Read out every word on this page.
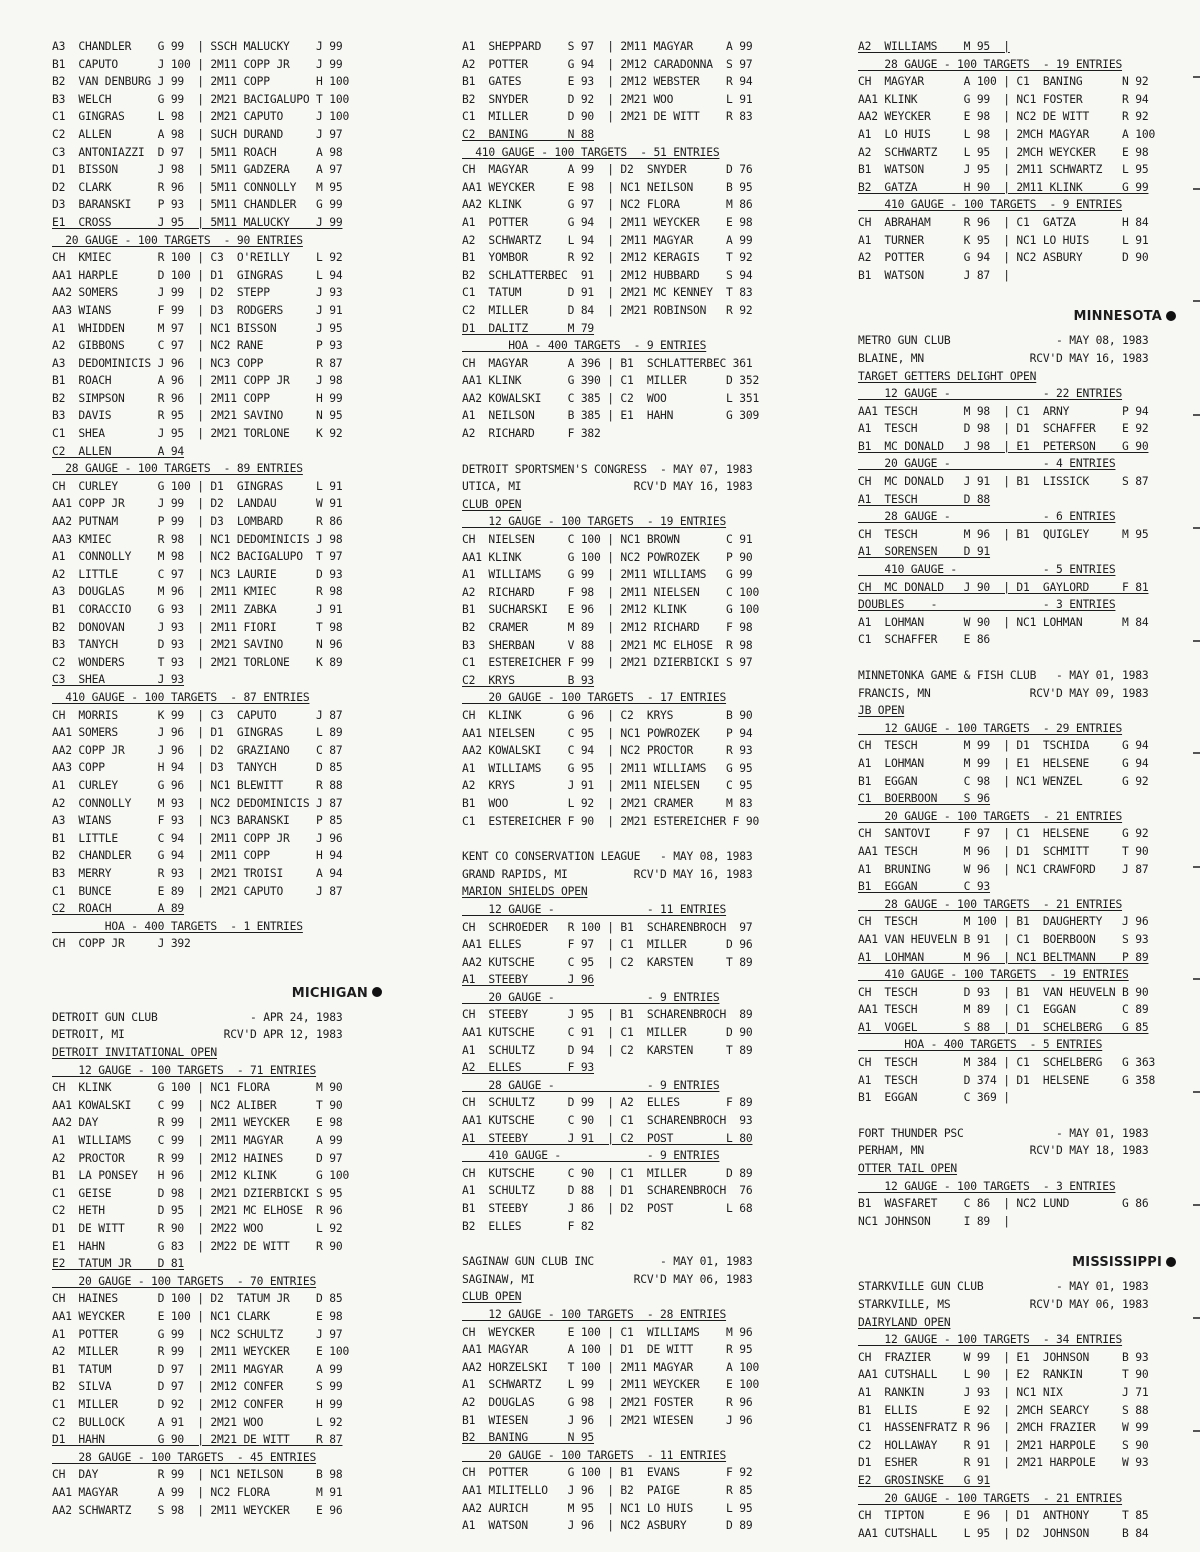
A3  CHANDLER    G 99  | SSCH MALUCKY    J 99
B1  CAPUTO      J 100 | 2M11 COPP JR    J 99
B2  VAN DENBURG J 99  | 2M11 COPP       H 100
B3  WELCH       G 99  | 2M21 BACIGALUPO T 100
C1  GINGRAS     L 98  | 2M21 CAPUTO     J 100
C2  ALLEN       A 98  | SUCH DURAND     J 97
C3  ANTONIAZZI  D 97  | 5M11 ROACH      A 98
D1  BISSON      J 98  | 5M11 GADZERA    A 97
D2  CLARK       R 96  | 5M11 CONNOLLY   M 95
D3  BARANSKI    P 93  | 5M11 CHANDLER   G 99
E1  CROSS       J 95  | 5M11 MALUCKY    J 99
20 GAUGE - 100 TARGETS  - 90 ENTRIES
CH  KMIEC       R 100 | C3  O'REILLY    L 92
AA1 HARPLE      D 100 | D1  GINGRAS     L 94
AA2 SOMERS      J 99  | D2  STEPP       J 93
AA3 WIANS       F 99  | D3  RODGERS     J 91
A1  WHIDDEN     M 97  | NC1 BISSON      J 95
A2  GIBBONS     C 97  | NC2 RANE        P 93
A3  DEDOMINICIS J 96  | NC3 COPP        R 87
B1  ROACH       A 96  | 2M11 COPP JR    J 98
B2  SIMPSON     R 96  | 2M11 COPP       H 99
B3  DAVIS       R 95  | 2M21 SAVINO     N 95
C1  SHEA        J 95  | 2M21 TORLONE    K 92
C2  ALLEN       A 94
28 GAUGE - 100 TARGETS  - 89 ENTRIES
CH  CURLEY      G 100 | D1  GINGRAS     L 91
AA1 COPP JR     J 99  | D2  LANDAU      W 91
AA2 PUTNAM      P 99  | D3  LOMBARD     R 86
AA3 KMIEC       R 98  | NC1 DEDOMINICIS J 98
A1  CONNOLLY    M 98  | NC2 BACIGALUPO  T 97
A2  LITTLE      C 97  | NC3 LAURIE      D 93
A3  DOUGLAS     M 96  | 2M11 KMIEC      R 98
B1  CORACCIO    G 93  | 2M11 ZABKA      J 91
B2  DONOVAN     J 93  | 2M11 FIORI      T 98
B3  TANYCH      D 93  | 2M21 SAVINO     N 96
C2  WONDERS     T 93  | 2M21 TORLONE    K 89
C3  SHEA        J 93
410 GAUGE - 100 TARGETS  - 87 ENTRIES
CH  MORRIS      K 99  | C3  CAPUTO      J 87
AA1 SOMERS      J 96  | D1  GINGRAS     L 89
AA2 COPP JR     J 96  | D2  GRAZIANO    C 87
AA3 COPP        H 94  | D3  TANYCH      D 85
A1  CURLEY      G 96  | NC1 BLEWITT     R 88
A2  CONNOLLY    M 93  | NC2 DEDOMINICIS J 87
A3  WIANS       F 93  | NC3 BARANSKI    P 85
B1  LITTLE      C 94  | 2M11 COPP JR    J 96
B2  CHANDLER    G 94  | 2M11 COPP       H 94
B3  MERRY       R 93  | 2M21 TROISI     A 94
C1  BUNCE       E 89  | 2M21 CAPUTO     J 87
C2  ROACH       A 89
HOA - 400 TARGETS  - 1 ENTRIES
CH  COPP JR     J 392
MICHIGAN
DETROIT GUN CLUB              - APR 24, 1983
DETROIT, MI               RCV'D APR 12, 1983
DETROIT INVITATIONAL OPEN
12 GAUGE - 100 TARGETS  - 71 ENTRIES
CH  KLINK       G 100 | NC1 FLORA       M 90
AA1 KOWALSKI    C 99  | NC2 ALIBER      T 90
AA2 DAY         R 99  | 2M11 WEYCKER    E 98
A1  WILLIAMS    C 99  | 2M11 MAGYAR     A 99
A2  PROCTOR     R 99  | 2M12 HAINES     D 97
B1  LA PONSEY   H 96  | 2M12 KLINK      G 100
C1  GEISE       D 98  | 2M21 DZIERBICKI S 95
C2  HETH        D 95  | 2M21 MC ELHOSE  R 96
D1  DE WITT     R 90  | 2M22 WOO        L 92
E1  HAHN        G 83  | 2M22 DE WITT    R 90
E2  TATUM JR    D 81
20 GAUGE - 100 TARGETS  - 70 ENTRIES
CH  HAINES      D 100 | D2  TATUM JR    D 85
AA1 WEYCKER     E 100 | NC1 CLARK       E 98
A1  POTTER      G 99  | NC2 SCHULTZ     J 97
A2  MILLER      R 99  | 2M11 WEYCKER    E 100
B1  TATUM       D 97  | 2M11 MAGYAR     A 99
B2  SILVA       D 97  | 2M12 CONFER     S 99
C1  MILLER      D 92  | 2M12 CONFER     H 99
C2  BULLOCK     A 91  | 2M21 WOO        L 92
D1  HAHN        G 90  | 2M21 DE WITT    R 87
28 GAUGE - 100 TARGETS  - 45 ENTRIES
CH  DAY         R 99  | NC1 NEILSON     B 98
AA1 MAGYAR      A 99  | NC2 FLORA       M 91
AA2 SCHWARTZ    S 98  | 2M11 WEYCKER    E 96
A1  SHEPPARD    S 97  | 2M11 MAGYAR     A 99
A2  POTTER      G 94  | 2M12 CARADONNA  S 97
B1  GATES       E 93  | 2M12 WEBSTER    R 94
B2  SNYDER      D 92  | 2M21 WOO        L 91
C1  MILLER      D 90  | 2M21 DE WITT    R 83
C2  BANING      N 88
410 GAUGE - 100 TARGETS  - 51 ENTRIES
CH  MAGYAR      A 99  | D2  SNYDER      D 76
AA1 WEYCKER     E 98  | NC1 NEILSON     B 95
AA2 KLINK       G 97  | NC2 FLORA       M 86
A1  POTTER      G 94  | 2M11 WEYCKER    E 98
A2  SCHWARTZ    L 94  | 2M11 MAGYAR     A 99
B1  YOMBOR      R 92  | 2M12 KERAGIS    T 92
B2  SCHLATTERBEC  91  | 2M12 HUBBARD    S 94
C1  TATUM       D 91  | 2M21 MC KENNEY  T 83
C2  MILLER      D 84  | 2M21 ROBINSON   R 92
D1  DALITZ      M 79
HOA - 400 TARGETS  - 9 ENTRIES
CH  MAGYAR      A 396 | B1  SCHLATTERBEC 361
AA1 KLINK       G 390 | C1  MILLER      D 352
AA2 KOWALSKI    C 385 | C2  WOO         L 351
A1  NEILSON     B 385 | E1  HAHN        G 309
A2  RICHARD     F 382
DETROIT SPORTSMEN'S CONGRESS  - MAY 07, 1983
UTICA, MI                 RCV'D MAY 16, 1983
CLUB OPEN
12 GAUGE - 100 TARGETS  - 19 ENTRIES
CH  NIELSEN     C 100 | NC1 BROWN       C 91
AA1 KLINK       G 100 | NC2 POWROZEK    P 90
A1  WILLIAMS    G 99  | 2M11 WILLIAMS   G 99
A2  RICHARD     F 98  | 2M11 NIELSEN    C 100
B1  SUCHARSKI   E 96  | 2M12 KLINK      G 100
B2  CRAMER      M 89  | 2M12 RICHARD    F 98
B3  SHERBAN     V 88  | 2M21 MC ELHOSE  R 98
C1  ESTEREICHER F 99  | 2M21 DZIERBICKI S 97
C2  KRYS        B 93
20 GAUGE - 100 TARGETS  - 17 ENTRIES
CH  KLINK       G 96  | C2  KRYS        B 90
AA1 NIELSEN     C 95  | NC1 POWROZEK    P 94
AA2 KOWALSKI    C 94  | NC2 PROCTOR     R 93
A1  WILLIAMS    G 95  | 2M11 WILLIAMS   G 95
A2  KRYS        J 91  | 2M11 NIELSEN    C 95
B1  WOO         L 92  | 2M21 CRAMER     M 83
C1  ESTEREICHER F 90  | 2M21 ESTEREICHER F 90
KENT CO CONSERVATION LEAGUE   - MAY 08, 1983
GRAND RAPIDS, MI          RCV'D MAY 16, 1983
MARION SHIELDS OPEN
12 GAUGE -              - 11 ENTRIES
CH  SCHROEDER   R 100 | B1  SCHARENBROCH  97
AA1 ELLES       F 97  | C1  MILLER      D 96
AA2 KUTSCHE     C 95  | C2  KARSTEN     T 89
A1  STEEBY      J 96
20 GAUGE -              - 9 ENTRIES
CH  STEEBY      J 95  | B1  SCHARENBROCH  89
AA1 KUTSCHE     C 91  | C1  MILLER      D 90
A1  SCHULTZ     D 94  | C2  KARSTEN     T 89
A2  ELLES       F 93
28 GAUGE -              - 9 ENTRIES
CH  SCHULTZ     D 99  | A2  ELLES       F 89
AA1 KUTSCHE     C 90  | C1  SCHARENBROCH  93
A1  STEEBY      J 91  | C2  POST        L 80
410 GAUGE -             - 9 ENTRIES
CH  KUTSCHE     C 90  | C1  MILLER      D 89
A1  SCHULTZ     D 88  | D1  SCHARENBROCH  76
B1  STEEBY      J 86  | D2  POST        L 68
B2  ELLES       F 82
SAGINAW GUN CLUB INC          - MAY 01, 1983
SAGINAW, MI               RCV'D MAY 06, 1983
CLUB OPEN
12 GAUGE - 100 TARGETS  - 28 ENTRIES
CH  WEYCKER     E 100 | C1  WILLIAMS    M 96
AA1 MAGYAR      A 100 | D1  DE WITT     R 95
AA2 HORZELSKI   T 100 | 2M11 MAGYAR     A 100
A1  SCHWARTZ    L 99  | 2M11 WEYCKER    E 100
A2  DOUGLAS     G 98  | 2M21 FOSTER     R 96
B1  WIESEN      J 96  | 2M21 WIESEN     J 96
B2  BANING      N 95
20 GAUGE - 100 TARGETS  - 11 ENTRIES
CH  POTTER      G 100 | B1  EVANS       F 92
AA1 MILITELLO   J 96  | B2  PAIGE       R 85
AA2 AURICH      M 95  | NC1 LO HUIS     L 95
A1  WATSON      J 96  | NC2 ASBURY      D 89
A2  WILLIAMS    M 95  |
28 GAUGE - 100 TARGETS  - 19 ENTRIES
CH  MAGYAR      A 100 | C1  BANING      N 92
AA1 KLINK       G 99  | NC1 FOSTER      R 94
AA2 WEYCKER     E 98  | NC2 DE WITT     R 92
A1  LO HUIS     L 98  | 2MCH MAGYAR     A 100
A2  SCHWARTZ    L 95  | 2MCH WEYCKER    E 98
B1  WATSON      J 95  | 2M11 SCHWARTZ   L 95
B2  GATZA       H 90  | 2M11 KLINK      G 99
410 GAUGE - 100 TARGETS  - 9 ENTRIES
CH  ABRAHAM     R 96  | C1  GATZA       H 84
A1  TURNER      K 95  | NC1 LO HUIS     L 91
A2  POTTER      G 94  | NC2 ASBURY      D 90
B1  WATSON      J 87  |
MINNESOTA
METRO GUN CLUB                - MAY 08, 1983
BLAINE, MN                RCV'D MAY 16, 1983
TARGET GETTERS DELIGHT OPEN
12 GAUGE -              - 22 ENTRIES
AA1 TESCH       M 98  | C1  ARNY        P 94
A1  TESCH       D 98  | D1  SCHAFFER    E 92
B1  MC DONALD   J 98  | E1  PETERSON    G 90
20 GAUGE -              - 4 ENTRIES
CH  MC DONALD   J 91  | B1  LISSICK     S 87
A1  TESCH       D 88
28 GAUGE -              - 6 ENTRIES
CH  TESCH       M 96  | B1  QUIGLEY     M 95
A1  SORENSEN    D 91
410 GAUGE -             - 5 ENTRIES
CH  MC DONALD   J 90  | D1  GAYLORD     F 81
DOUBLES    -                - 3 ENTRIES
A1  LOHMAN      W 90  | NC1 LOHMAN      M 84
C1  SCHAFFER    E 86
MINNETONKA GAME & FISH CLUB   - MAY 01, 1983
FRANCIS, MN               RCV'D MAY 09, 1983
JB OPEN
12 GAUGE - 100 TARGETS  - 29 ENTRIES
CH  TESCH       M 99  | D1  TSCHIDA     G 94
A1  LOHMAN      M 99  | E1  HELSENE     G 94
B1  EGGAN       C 98  | NC1 WENZEL      G 92
C1  BOERBOON    S 96
20 GAUGE - 100 TARGETS  - 21 ENTRIES
CH  SANTOVI     F 97  | C1  HELSENE     G 92
AA1 TESCH       M 96  | D1  SCHMITT     T 90
A1  BRUNING     W 96  | NC1 CRAWFORD    J 87
B1  EGGAN       C 93
28 GAUGE - 100 TARGETS  - 21 ENTRIES
CH  TESCH       M 100 | B1  DAUGHERTY   J 96
AA1 VAN HEUVELN B 91  | C1  BOERBOON    S 93
A1  LOHMAN      M 96  | NC1 BELTMANN    P 89
410 GAUGE - 100 TARGETS  - 19 ENTRIES
CH  TESCH       D 93  | B1  VAN HEUVELN B 90
AA1 TESCH       M 89  | C1  EGGAN       C 89
A1  VOGEL       S 88  | D1  SCHELBERG   G 85
HOA - 400 TARGETS  - 5 ENTRIES
CH  TESCH       M 384 | C1  SCHELBERG   G 363
A1  TESCH       D 374 | D1  HELSENE     G 358
B1  EGGAN       C 369 |
FORT THUNDER PSC              - MAY 01, 1983
PERHAM, MN                RCV'D MAY 18, 1983
OTTER TAIL OPEN
12 GAUGE - 100 TARGETS  - 3 ENTRIES
B1  WASFARET    C 86  | NC2 LUND        G 86
NC1 JOHNSON     I 89  |
MISSISSIPPI
STARKVILLE GUN CLUB           - MAY 01, 1983
STARKVILLE, MS            RCV'D MAY 06, 1983
DAIRYLAND OPEN
12 GAUGE - 100 TARGETS  - 34 ENTRIES
CH  FRAZIER     W 99  | E1  JOHNSON     B 93
AA1 CUTSHALL    L 90  | E2  RANKIN      T 90
A1  RANKIN      J 93  | NC1 NIX         J 71
B1  ELLIS       E 92  | 2MCH SEARCY     S 88
C1  HASSENFRATZ R 96  | 2MCH FRAZIER    W 99
C2  HOLLAWAY    R 91  | 2M21 HARPOLE    S 90
D1  ESHER       R 91  | 2M21 HARPOLE    W 93
E2  GROSINSKE   G 91
20 GAUGE - 100 TARGETS  - 21 ENTRIES
CH  TIPTON      E 96  | D1  ANTHONY     T 85
AA1 CUTSHALL    L 95  | D2  JOHNSON     B 84
